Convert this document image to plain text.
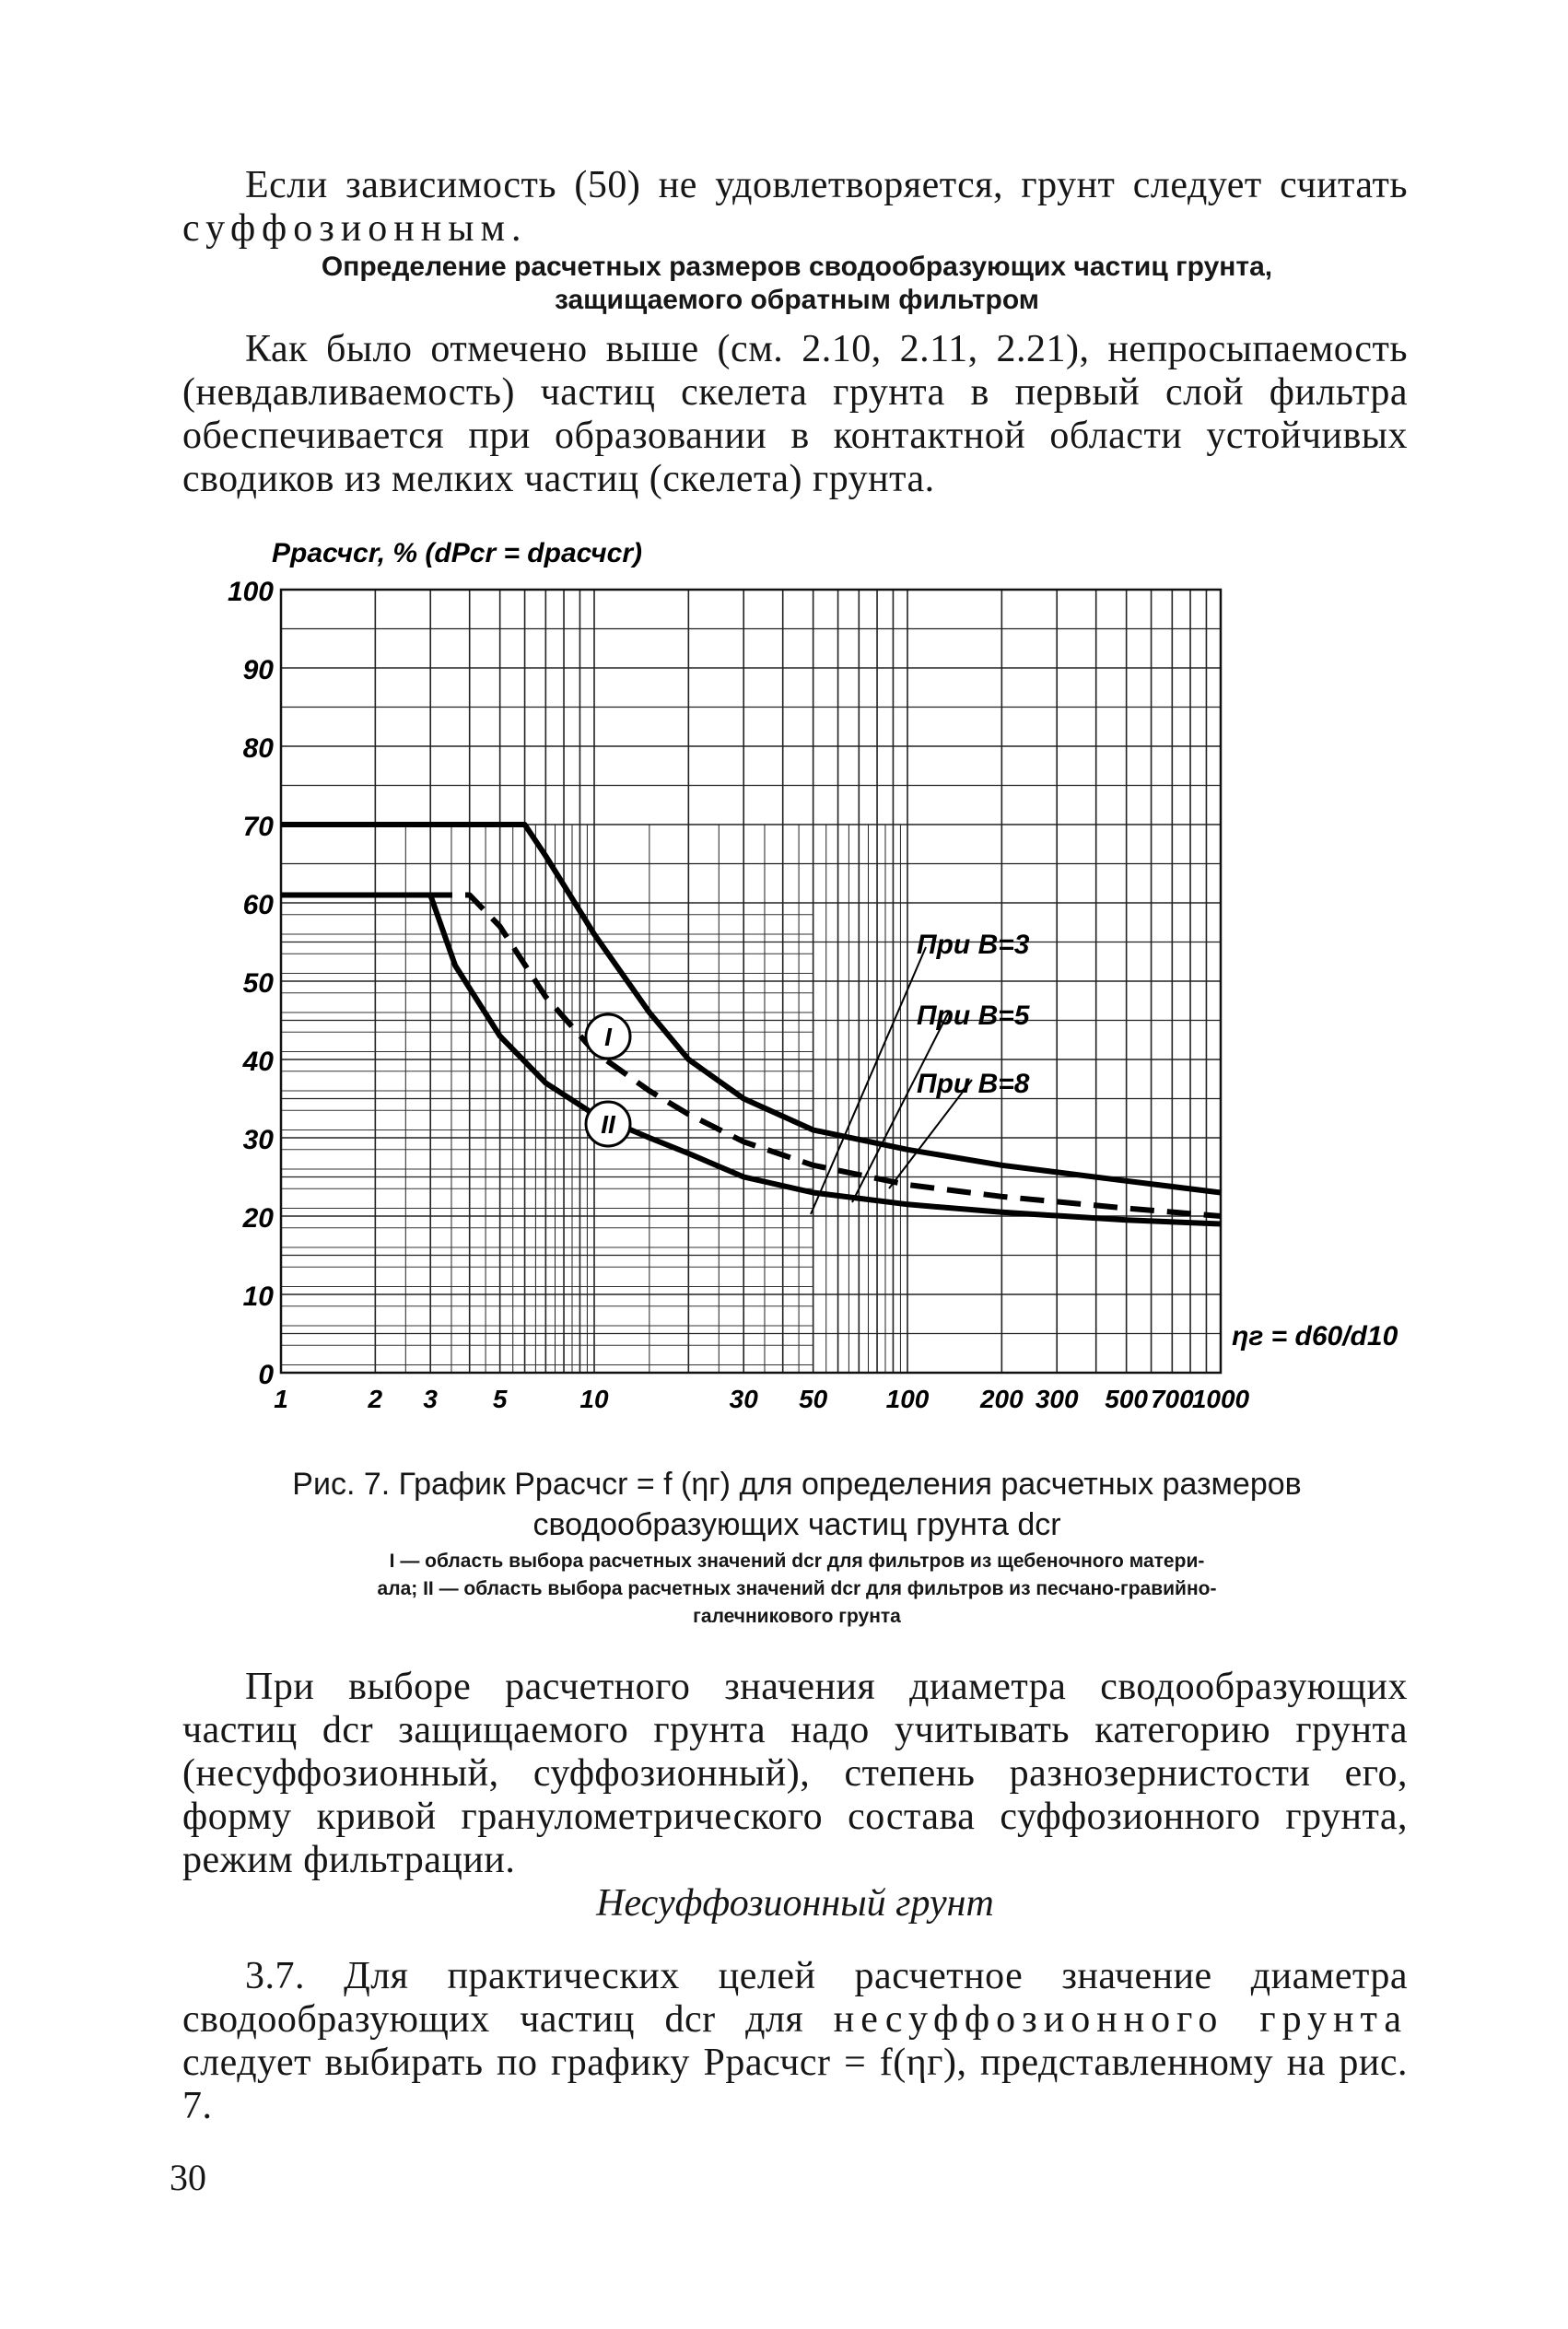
Если зависимость (50) не удовлетворяется, грунт следует считать суффозионным.
Определение расчетных размеров сводообразующих частиц грунта,
защищаемого обратным фильтром
Как было отмечено выше (см. 2.10, 2.11, 2.21), непросыпаемость (невдавливаемость) частиц скелета грунта в первый слой фильтра обеспечивается при образовании в контактной области устойчивых сводиков из мелких частиц (скелета) грунта.
При В=3
При В=5
При В=8
I
II
0
10
20
30
40
50
60
70
80
90
100
1	2 3 5	10	30 50 100 200 300 500 700
1000
Pрасчcr, % (dPcr = dрасчcr)
ηг = d60/d10
Рис. 7. График Pрасчcr = f (ηг) для определения расчетных размеров
сводообразующих частиц грунта dcr
I — область выбора расчетных значений dcr для фильтров из щебеночного матери-
ала; II — область выбора расчетных значений dcr для фильтров из песчано-гравийно-
галечникового грунта
При выборе расчетного значения диаметра сводообразующих частиц dcr защищаемого грунта надо учитывать категорию грунта (несуффозионный, суффозионный), степень разнозернистости его, форму кривой гранулометрического состава суффозионного грунта, режим фильтрации.
Несуффозионный грунт
3.7. Для практических целей расчетное значение диаметра сводообразующих частиц dcr для несуффозионного грунта следует выбирать по графику Pрасчcr = f(ηг), представленному на рис. 7.
30
